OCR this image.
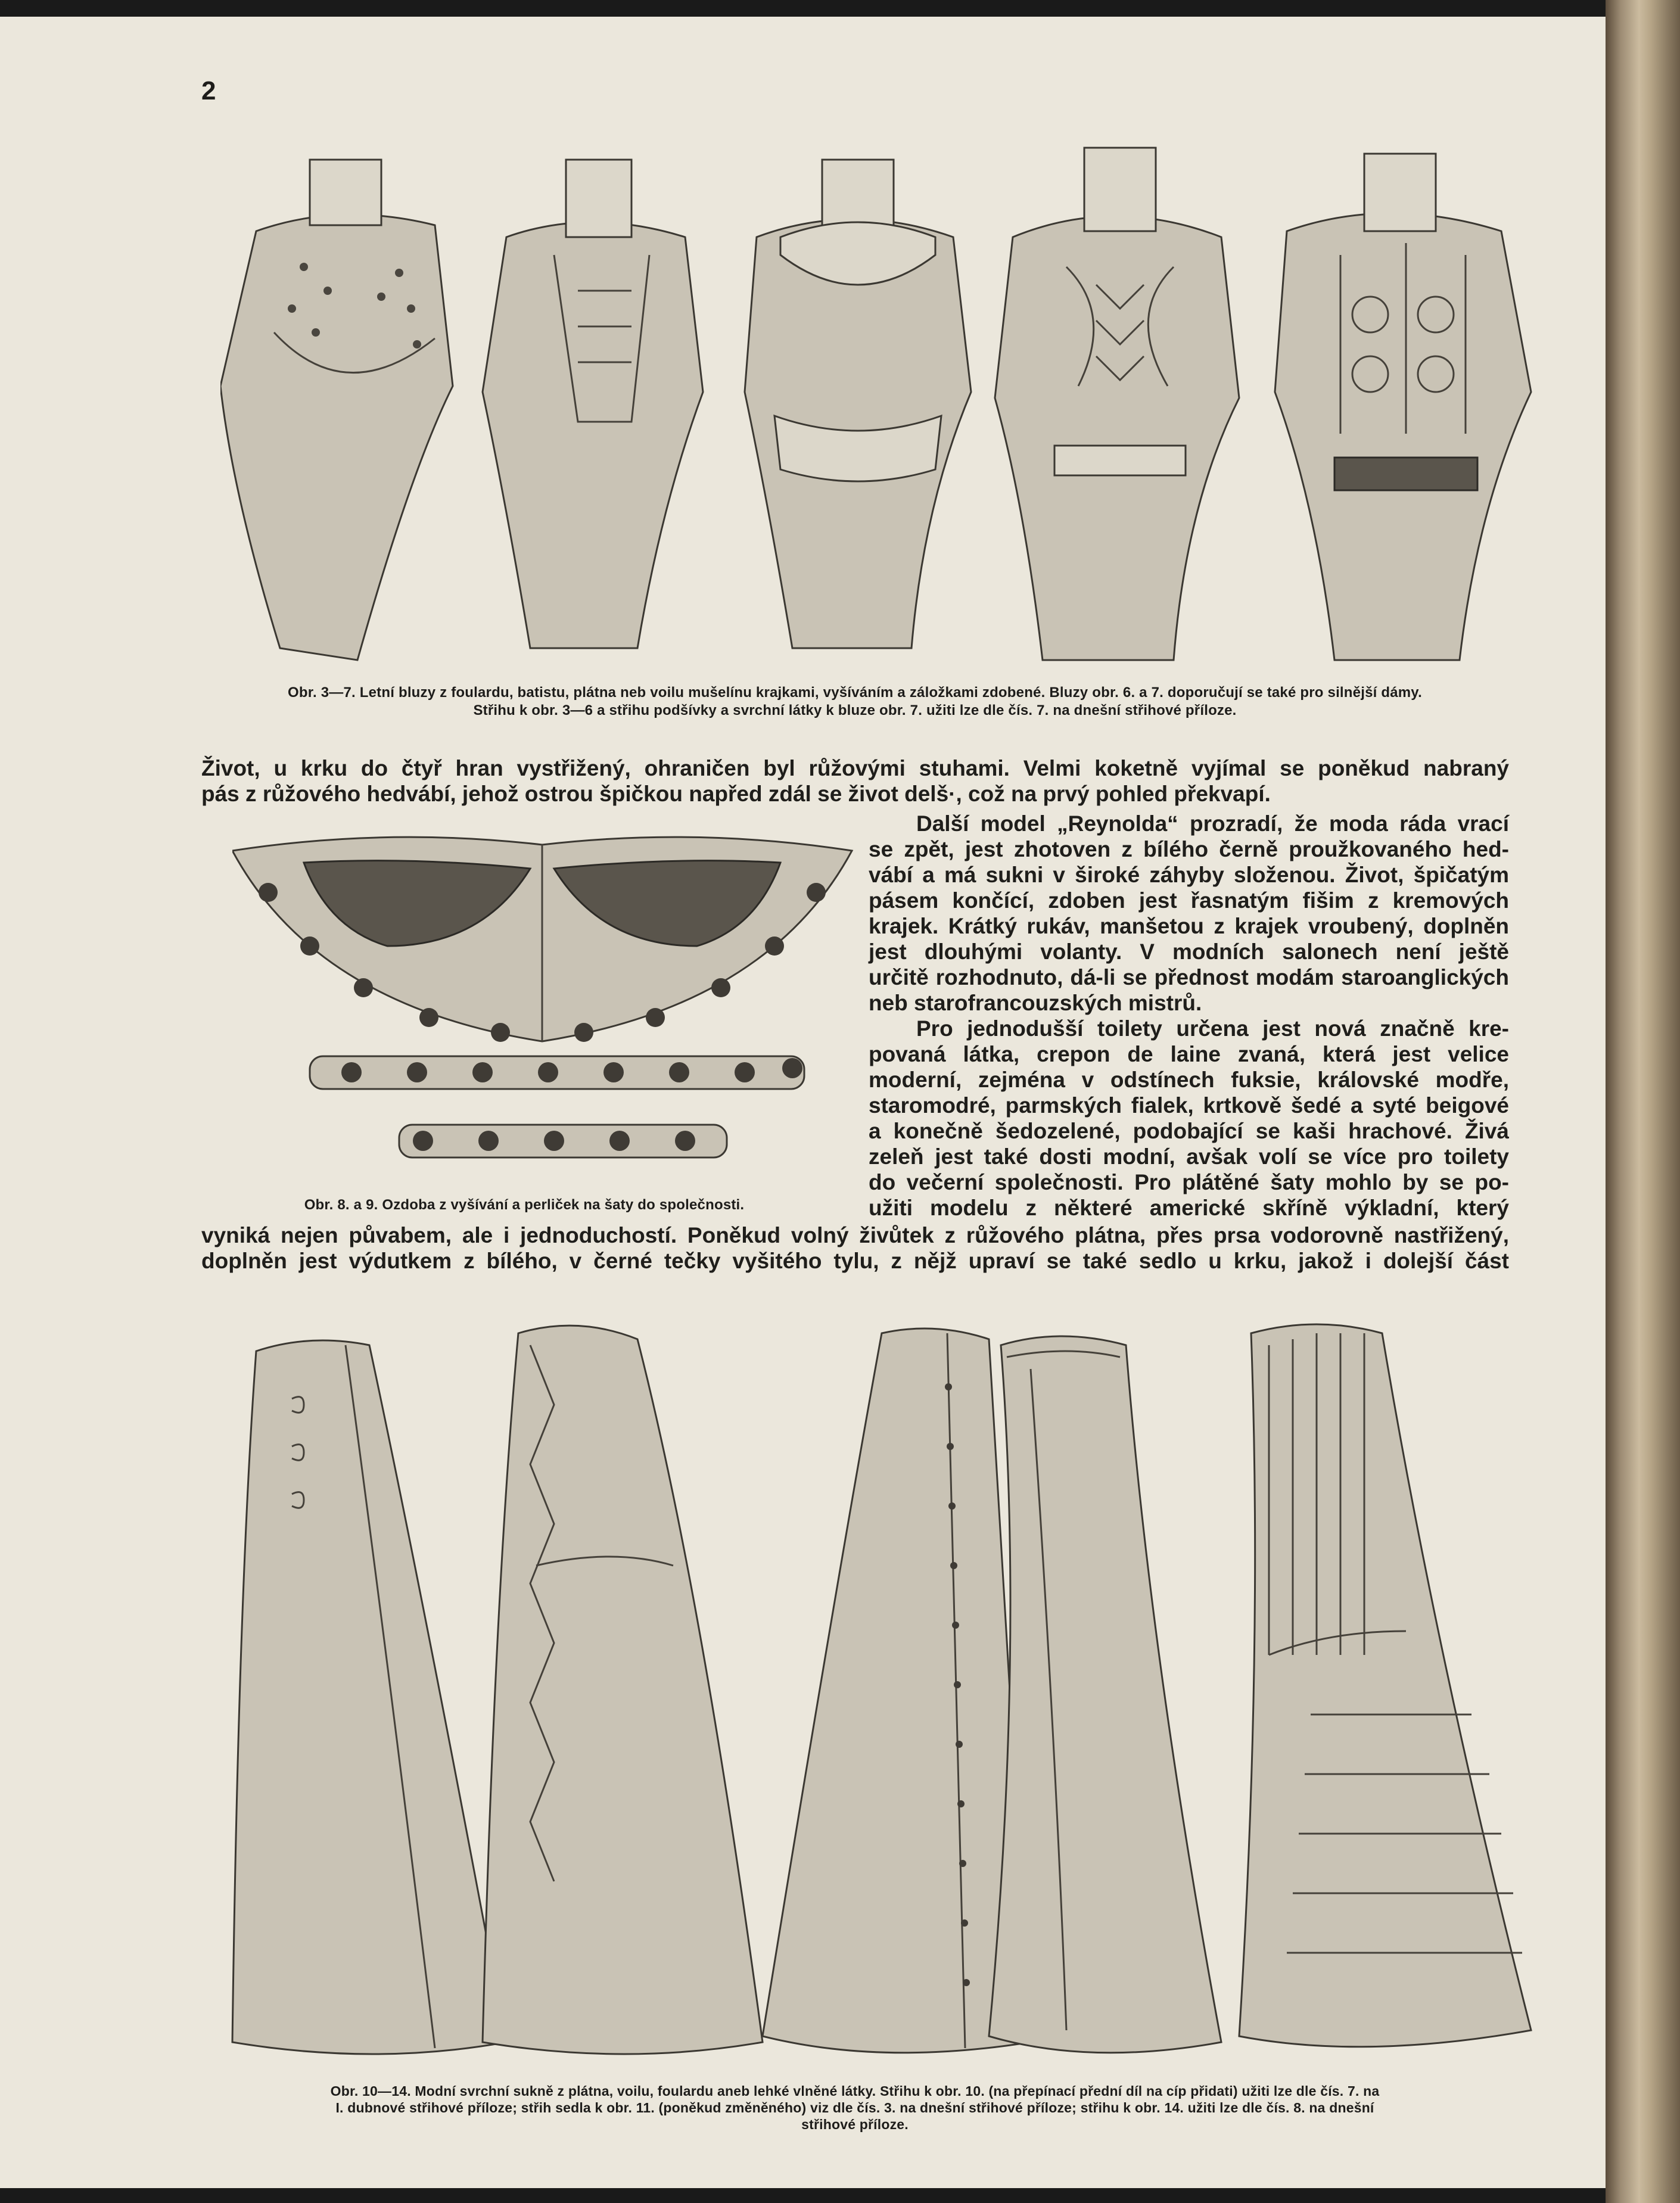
2
Obr. 3—7. Letní bluzy z foulardu, batistu, plátna neb voilu mušelínu krajkami, vyšíváním a záložkami zdobené. Bluzy obr. 6. a 7. doporučují se také pro silnější dámy.
Střihu k obr. 3—6 a střihu podšívky a svrchní látky k bluze obr. 7. užiti lze dle čís. 7. na dnešní střihové příloze.

Život, u krku do čtyř hran vystřižený, ohraničen byl růžovými stuhami. Velmi koketně vyjímal se poněkud nabraný

pás z růžového hedvábí, jehož ostrou špičkou napřed zdál se život delš·, což na prvý pohled překvapí.

Obr. 8. a 9. Ozdoba z vyšívání a perliček na šaty do společnosti.

Další model „Reynolda“ prozradí, že moda ráda vrací

se zpět, jest zhotoven z bílého černě proužkovaného hed-

vábí a má sukni v široké záhyby složenou. Život, špičatým

pásem končící, zdoben jest řasnatým fišim z kremových

krajek. Krátký rukáv, manšetou z krajek vroubený, doplněn

jest dlouhými volanty. V modních salonech není ještě

určitě rozhodnuto, dá-li se přednost modám staroanglických

neb starofrancouzských mistrů.

Pro jednodušší toilety určena jest nová značně kre-

povaná látka, crepon de laine zvaná, která jest velice

moderní, zejména v odstínech fuksie, královské modře,

staromodré, parmských fialek, krtkově šedé a syté beigové

a konečně šedozelené, podobající se kaši hrachové. Živá

zeleň jest také dosti modní, avšak volí se více pro toilety

do večerní společnosti. Pro plátěné šaty mohlo by se po-

užiti modelu z některé americké skříně výkladní, který

vyniká nejen půvabem, ale i jednoduchostí. Poněkud volný živůtek z růžového plátna, přes prsa vodorovně nastřižený,

doplněn jest výdutkem z bílého, v černé tečky vyšitého tylu, z nějž upraví se také sedlo u krku, jakož i dolejší část

Obr. 10—14. Modní svrchní sukně z plátna, voilu, foulardu aneb lehké vlněné látky. Střihu k obr. 10. (na přepínací přední díl na cíp přidati) užiti lze dle čís. 7. na
I. dubnové střihové příloze; střih sedla k obr. 11. (poněkud změněného) viz dle čís. 3. na dnešní střihové příloze; střihu k obr. 14. užiti lze dle čís. 8. na dnešní
střihové příloze.
